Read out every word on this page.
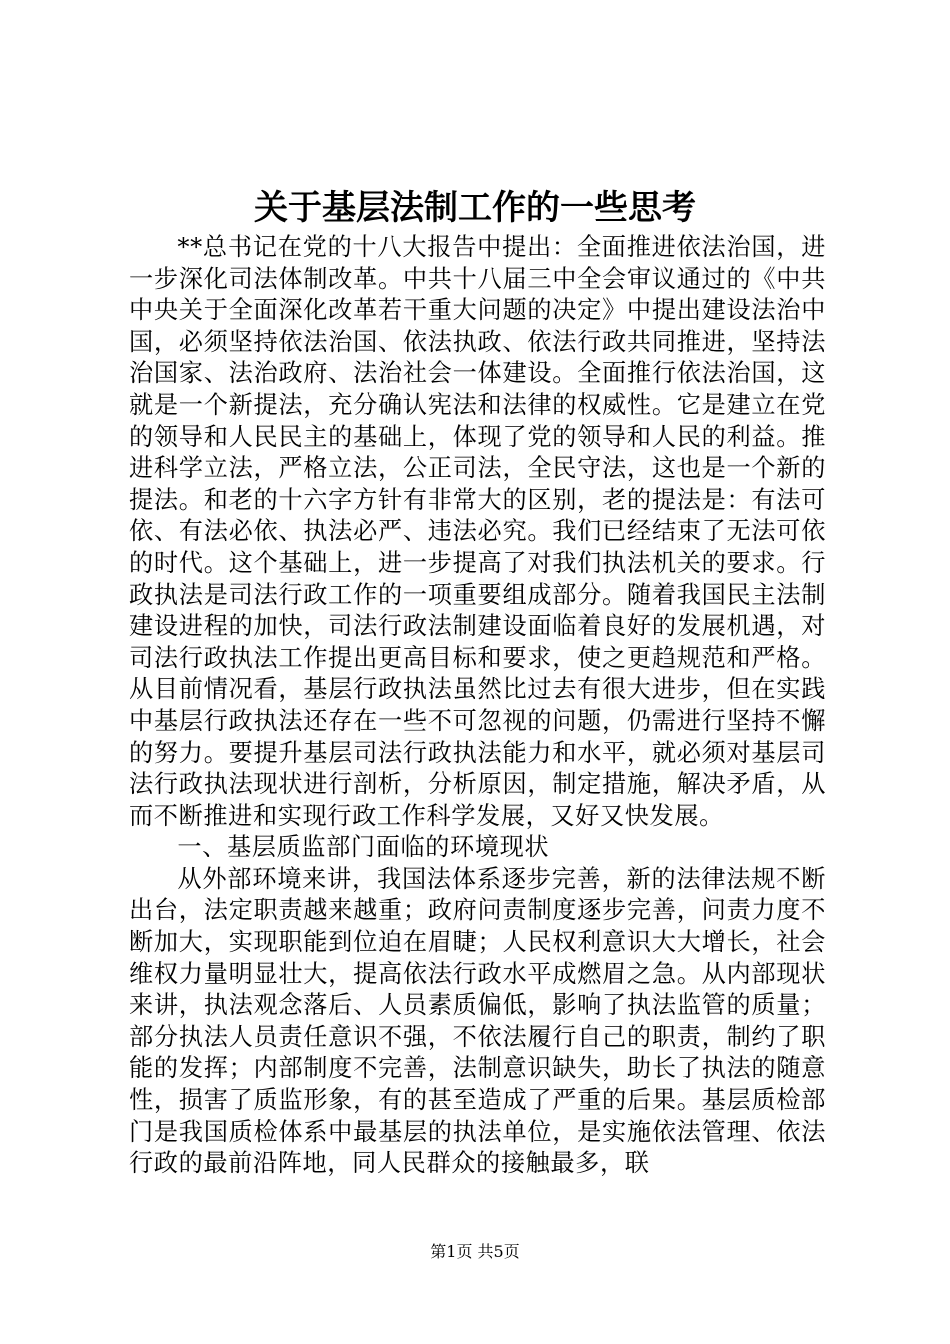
关于基层法制工作的一些思考

**总书记在党的十八大报告中提出：全面推进依法治国，进一步深化司法体制改革。中共十八届三中全会审议通过的《中共中央关于全面深化改革若干重大问题的决定》中提出建设法治中国，必须坚持依法治国、依法执政、依法行政共同推进，坚持法治国家、法治政府、法治社会一体建设。全面推行依法治国，这就是一个新提法，充分确认宪法和法律的权威性。它是建立在党的领导和人民民主的基础上，体现了党的领导和人民的利益。推进科学立法，严格立法，公正司法，全民守法，这也是一个新的提法。和老的十六字方针有非常大的区别，老的提法是：有法可依、有法必依、执法必严、违法必究。我们已经结束了无法可依的时代。这个基础上，进一步提高了对我们执法机关的要求。行政执法是司法行政工作的一项重要组成部分。随着我国民主法制建设进程的加快，司法行政法制建设面临着良好的发展机遇，对司法行政执法工作提出更高目标和要求，使之更趋规范和严格。从目前情况看，基层行政执法虽然比过去有很大进步，但在实践中基层行政执法还存在一些不可忽视的问题，仍需进行坚持不懈的努力。要提升基层司法行政执法能力和水平，就必须对基层司法行政执法现状进行剖析，分析原因，制定措施，解决矛盾，从而不断推进和实现行政工作科学发展，又好又快发展。

一、基层质监部门面临的环境现状

从外部环境来讲，我国法体系逐步完善，新的法律法规不断出台，法定职责越来越重；政府问责制度逐步完善，问责力度不断加大，实现职能到位迫在眉睫；人民权利意识大大增长，社会维权力量明显壮大，提高依法行政水平成燃眉之急。从内部现状来讲，执法观念落后、人员素质偏低，影响了执法监管的质量；部分执法人员责任意识不强，不依法履行自己的职责，制约了职能的发挥；内部制度不完善，法制意识缺失，助长了执法的随意性，损害了质监形象，有的甚至造成了严重的后果。基层质检部门是我国质检体系中最基层的执法单位，是实施依法管理、依法行政的最前沿阵地，同人民群众的接触最多，联

第1页 共5页
